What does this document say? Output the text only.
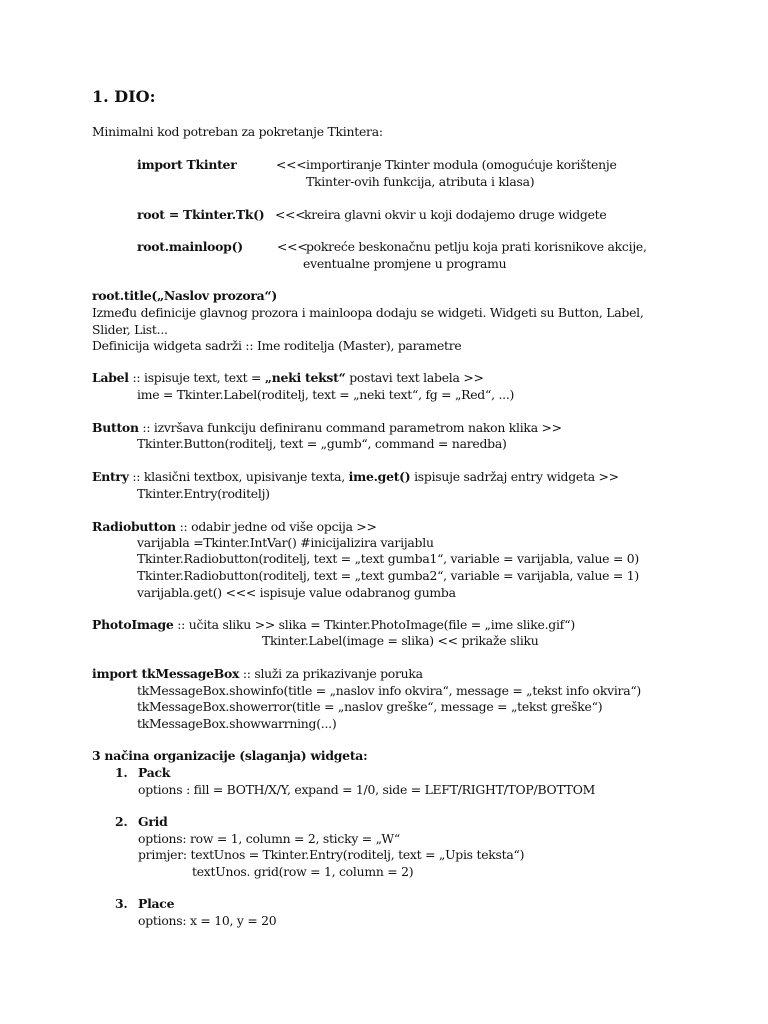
1. DIO:
Minimalni kod potreban za pokretanje Tkintera:
import Tkinter	<<< importiranje Tkinter modula (omogućuje korištenje
Tkinter-ovih funkcija, atributa i klasa)
root = Tkinter.Tk() <<<
kreira glavni okvir u koji dodajemo druge widgete
root.mainloop()	<<<
pokreće beskonačnu petlju koja prati korisnikove akcije,
eventualne promjene u programu
root.title(„Naslov prozora“)
Između definicije glavnog prozora i mainloopa dodaju se widgeti. Widgeti su Button, Label,
Slider, List...
Definicija widgeta sadrži :: Ime roditelja (Master), parametre
Label :: ispisuje text, text = „neki tekst“ postavi text labela >>
ime = Tkinter.Label(roditelj, text = „neki text“, fg = „Red“, ...)
Button :: izvršava funkciju definiranu command parametrom nakon klika >>
Tkinter.Button(roditelj, text = „gumb“, command = naredba)
Entry :: klasični textbox, upisivanje texta, ime.get() ispisuje sadržaj entry widgeta >>
Tkinter.Entry(roditelj)
Radiobutton :: odabir jedne od više opcija >>
varijabla =Tkinter.IntVar() #inicijalizira varijablu
Tkinter.Radiobutton(roditelj, text = „text gumba1“, variable = varijabla, value = 0)
Tkinter.Radiobutton(roditelj, text = „text gumba2“, variable = varijabla, value = 1)
varijabla.get() <<< ispisuje value odabranog gumba
PhotoImage :: učita sliku >> slika = Tkinter.PhotoImage(file = „ime slike.gif“)
Tkinter.Label(image = slika) << prikaže sliku
import tkMessageBox :: služi za prikazivanje poruka
tkMessageBox.showinfo(title = „naslov info okvira“, message = „tekst info okvira“)
tkMessageBox.showerror(title = „naslov greške“, message = „tekst greške“)
tkMessageBox.showwarrning(...)
3 načina organizacije (slaganja) widgeta:
1. Pack
options : fill = BOTH/X/Y, expand = 1/0, side = LEFT/RIGHT/TOP/BOTTOM
2. Grid
options: row = 1, column = 2, sticky = „W“
primjer: textUnos = Tkinter.Entry(roditelj, text = „Upis teksta“)
textUnos. grid(row = 1, column = 2)
3. Place
options: x = 10, y = 20
